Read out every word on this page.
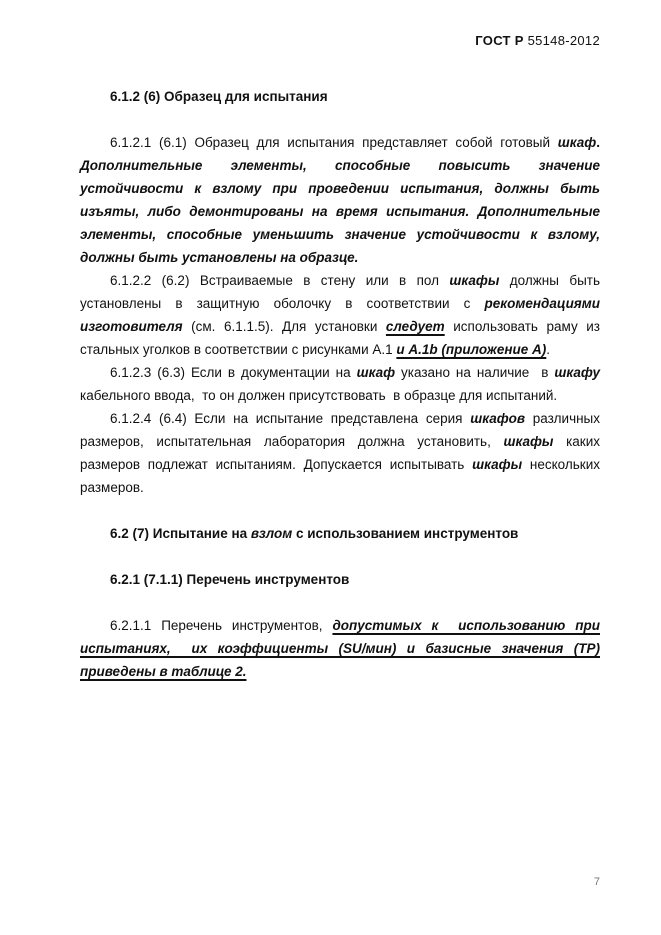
ГОСТ Р 55148-2012
6.1.2 (6) Образец для испытания
6.1.2.1 (6.1) Образец для испытания представляет собой готовый шкаф.
Дополнительные элементы, способные повысить значение
устойчивости к взлому при проведении испытания, должны быть
изъяты, либо демонтированы на время испытания. Дополнительные
элементы, способные уменьшить значение устойчивости к взлому,
должны быть установлены на образце.
6.1.2.2 (6.2) Встраиваемые в стену или в пол шкафы должны быть
установлены в защитную оболочку в соответствии с рекомендациями
изготовителя (см. 6.1.1.5). Для установки следует использовать раму из
стальных уголков в соответствии с рисунками А.1 и А.1b (приложение А).
6.1.2.3 (6.3) Если в документации на шкаф указано на наличие  в шкафу
кабельного ввода,  то он должен присутствовать  в образце для испытаний.
6.1.2.4 (6.4) Если на испытание представлена серия шкафов различных
размеров, испытательная лаборатория должна установить, шкафы каких
размеров подлежат испытаниям. Допускается испытывать шкафы нескольких
размеров.
6.2 (7) Испытание на взлом с использованием инструментов
6.2.1 (7.1.1) Перечень инструментов
6.2.1.1 Перечень инструментов, допустимых к  использованию при
испытаниях,  их коэффициенты (SU/мин) и базисные значения (ТР)
приведены в таблице 2.
7
